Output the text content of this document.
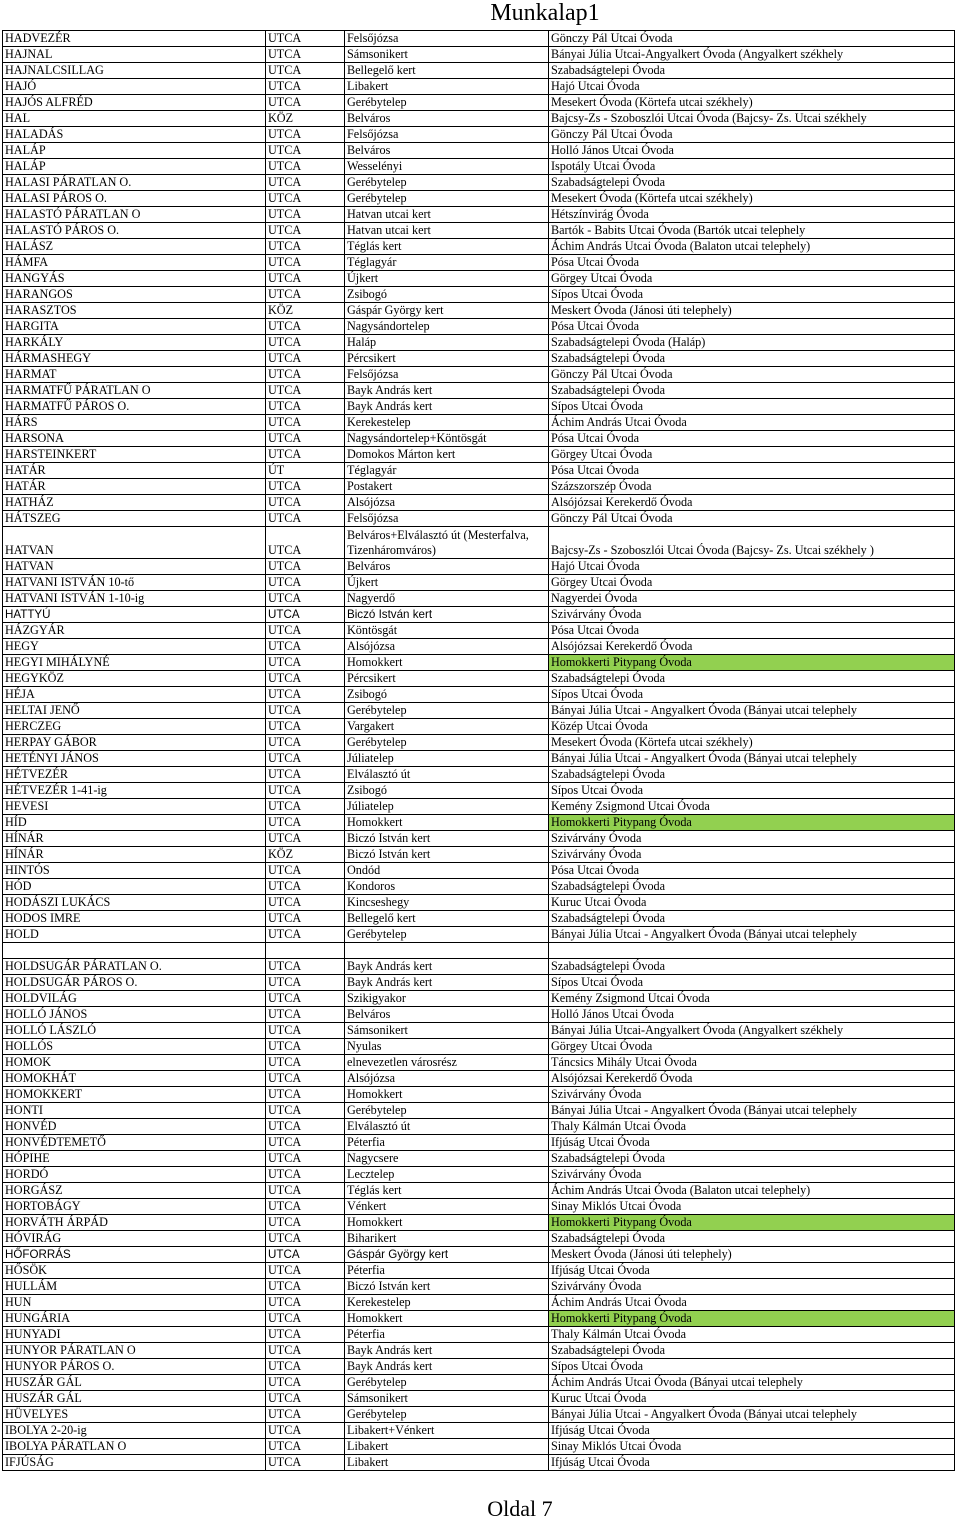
Munkalap1
HADVEZÉR	UTCA	Felsőjózsa	Gönczy Pál Utcai Óvoda
HAJNAL	UTCA	Sámsonikert	Bányai Júlia Utcai-Angyalkert Óvoda (Angyalkert székhely
HAJNALCSILLAG	UTCA	Bellegelő kert	Szabadságtelepi Óvoda
HAJÓ	UTCA	Libakert	Hajó Utcai Óvoda
HAJÓS ALFRÉD	UTCA	Gerébytelep	Mesekert Óvoda (Körtefa utcai székhely)
HAL	KÖZ	Belváros	Bajcsy-Zs - Szoboszlói Utcai Óvoda (Bajcsy- Zs. Utcai székhely
HALADÁS	UTCA	Felsőjózsa	Gönczy Pál Utcai Óvoda
HALÁP	UTCA	Belváros	Holló János Utcai Óvoda
HALÁP	UTCA	Wesselényi	Ispotály Utcai Óvoda
HALASI PÁRATLAN O.	UTCA	Gerébytelep	Szabadságtelepi Óvoda
HALASI PÁROS O.	UTCA	Gerébytelep	Mesekert Óvoda (Körtefa utcai székhely)
HALASTÓ PÁRATLAN O	UTCA	Hatvan utcai kert	Hétszínvirág Óvoda
HALASTÓ PÁROS O.	UTCA	Hatvan utcai kert	Bartók - Babits Utcai Óvoda (Bartók utcai telephely
HALÁSZ	UTCA	Téglás kert	Áchim András Utcai Óvoda (Balaton utcai telephely)
HÁMFA	UTCA	Téglagyár	Pósa Utcai Óvoda
HANGYÁS	UTCA	Újkert	Görgey Utcai Óvoda
HARANGOS	UTCA	Zsibogó	Sípos Utcai Óvoda
HARASZTOS	KÖZ	Gáspár György kert	Meskert Óvoda (Jánosi úti telephely)
HARGITA	UTCA	Nagysándortelep	Pósa Utcai Óvoda
HARKÁLY	UTCA	Haláp	Szabadságtelepi Óvoda (Haláp)
HÁRMASHEGY	UTCA	Pércsikert	Szabadságtelepi Óvoda
HARMAT	UTCA	Felsőjózsa	Gönczy Pál Utcai Óvoda
HARMATFŰ PÁRATLAN O	UTCA	Bayk András kert	Szabadságtelepi Óvoda
HARMATFŰ PÁROS O.	UTCA	Bayk András kert	Sípos Utcai Óvoda
HÁRS	UTCA	Kerekestelep	Áchim András Utcai Óvoda
HARSONA	UTCA	Nagysándortelep+Köntösgát	Pósa Utcai Óvoda
HARSTEINKERT	UTCA	Domokos Márton kert	Görgey Utcai Óvoda
HATÁR	ÚT	Téglagyár	Pósa Utcai Óvoda
HATÁR	UTCA	Postakert	Százszorszép Óvoda
HATHÁZ	UTCA	Alsójózsa	Alsójózsai Kerekerdő Óvoda
HÁTSZEG	UTCA	Felsőjózsa	Gönczy Pál Utcai Óvoda
HATVAN	UTCA	Belváros+Elválasztó út (Mesterfalva, Tizenháromváros)	Bajcsy-Zs - Szoboszlói Utcai Óvoda (Bajcsy- Zs. Utcai székhely )
HATVAN	UTCA	Belváros	Hajó Utcai Óvoda
HATVANI ISTVÁN 10-tő	UTCA	Újkert	Görgey Utcai Óvoda
HATVANI ISTVÁN 1-10-ig	UTCA	Nagyerdő	Nagyerdei Óvoda
HATTYÚ	UTCA	Biczó István kert	Szivárvány Óvoda
HÁZGYÁR	UTCA	Köntösgát	Pósa Utcai Óvoda
HEGY	UTCA	Alsójózsa	Alsójózsai Kerekerdő Óvoda
HEGYI MIHÁLYNÉ	UTCA	Homokkert	Homokkerti Pitypang Óvoda
HEGYKÖZ	UTCA	Pércsikert	Szabadságtelepi Óvoda
HÉJA	UTCA	Zsibogó	Sípos Utcai Óvoda
HELTAI JENŐ	UTCA	Gerébytelep	Bányai Júlia Utcai - Angyalkert Óvoda (Bányai utcai telephely
HERCZEG	UTCA	Vargakert	Közép Utcai Óvoda
HERPAY GÁBOR	UTCA	Gerébytelep	Mesekert Óvoda (Körtefa utcai székhely)
HETÉNYI JÁNOS	UTCA	Júliatelep	Bányai Júlia Utcai - Angyalkert Óvoda (Bányai utcai telephely
HÉTVEZÉR	UTCA	Elválasztó út	Szabadságtelepi Óvoda
HÉTVEZÉR 1-41-ig	UTCA	Zsibogó	Sípos Utcai Óvoda
HEVESI	UTCA	Júliatelep	Kemény Zsigmond Utcai Óvoda
HÍD	UTCA	Homokkert	Homokkerti Pitypang Óvoda
HÍNÁR	UTCA	Biczó István kert	Szivárvány Óvoda
HÍNÁR	KÖZ	Biczó István kert	Szivárvány Óvoda
HINTÓS	UTCA	Ondód	Pósa Utcai Óvoda
HÓD	UTCA	Kondoros	Szabadságtelepi Óvoda
HODÁSZI LUKÁCS	UTCA	Kincseshegy	Kuruc Utcai Óvoda
HODOS IMRE	UTCA	Bellegelő kert	Szabadságtelepi Óvoda
HOLD	UTCA	Gerébytelep	Bányai Júlia Utcai - Angyalkert Óvoda (Bányai utcai telephely

HOLDSUGÁR PÁRATLAN O.	UTCA	Bayk András kert	Szabadságtelepi Óvoda
HOLDSUGÁR PÁROS O.	UTCA	Bayk András kert	Sípos Utcai Óvoda
HOLDVILÁG	UTCA	Szikigyakor	Kemény Zsigmond Utcai Óvoda
HOLLÓ JÁNOS	UTCA	Belváros	Holló János Utcai Óvoda
HOLLÓ LÁSZLÓ	UTCA	Sámsonikert	Bányai Júlia Utcai-Angyalkert Óvoda (Angyalkert székhely
HOLLÓS	UTCA	Nyulas	Görgey Utcai Óvoda
HOMOK	UTCA	elnevezetlen városrész	Táncsics Mihály Utcai Óvoda
HOMOKHÁT	UTCA	Alsójózsa	Alsójózsai Kerekerdő Óvoda
HOMOKKERT	UTCA	Homokkert	Szivárvány Óvoda
HONTI	UTCA	Gerébytelep	Bányai Júlia Utcai - Angyalkert Óvoda (Bányai utcai telephely
HONVÉD	UTCA	Elválasztó út	Thaly Kálmán Utcai Óvoda
HONVÉDTEMETŐ	UTCA	Péterfia	Ifjúság Utcai Óvoda
HÓPIHE	UTCA	Nagycsere	Szabadságtelepi Óvoda
HORDÓ	UTCA	Lecztelep	Szivárvány Óvoda
HORGÁSZ	UTCA	Téglás kert	Áchim András Utcai Óvoda (Balaton utcai telephely)
HORTOBÁGY	UTCA	Vénkert	Sinay Miklós Utcai Óvoda
HORVÁTH ÁRPÁD	UTCA	Homokkert	Homokkerti Pitypang Óvoda
HÓVIRÁG	UTCA	Biharikert	Szabadságtelepi Óvoda
HŐFORRÁS	UTCA	Gáspár György kert	Meskert Óvoda (Jánosi úti telephely)
HŐSÖK	UTCA	Péterfia	Ifjúság Utcai Óvoda
HULLÁM	UTCA	Biczó István kert	Szivárvány Óvoda
HUN	UTCA	Kerekestelep	Áchim András Utcai Óvoda
HUNGÁRIA	UTCA	Homokkert	Homokkerti Pitypang Óvoda
HUNYADI	UTCA	Péterfia	Thaly Kálmán Utcai Óvoda
HUNYOR PÁRATLAN O	UTCA	Bayk András kert	Szabadságtelepi Óvoda
HUNYOR PÁROS O.	UTCA	Bayk András kert	Sípos Utcai Óvoda
HUSZÁR GÁL	UTCA	Gerébytelep	Áchim András Utcai Óvoda (Bányai utcai telephely
HUSZÁR GÁL	UTCA	Sámsonikert	Kuruc Utcai Óvoda
HÜVELYES	UTCA	Gerébytelep	Bányai Júlia Utcai - Angyalkert Óvoda (Bányai utcai telephely
IBOLYA 2-20-ig	UTCA	Libakert+Vénkert	Ifjúság Utcai Óvoda
IBOLYA PÁRATLAN O	UTCA	Libakert	Sinay Miklós Utcai Óvoda
IFJÚSÁG	UTCA	Libakert	Ifjúság Utcai Óvoda
Oldal 7
